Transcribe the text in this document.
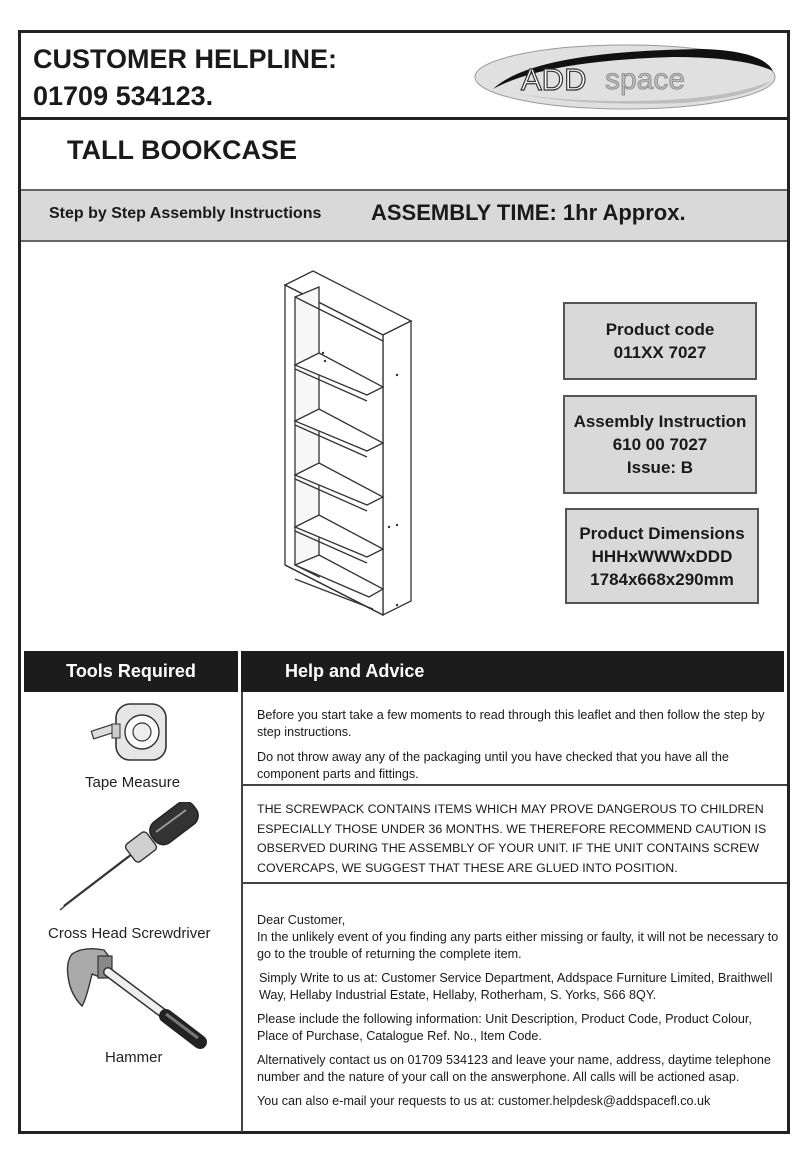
CUSTOMER HELPLINE:
01709 534123.	ADD space
TALL BOOKCASE
Step by Step Assembly Instructions ASSEMBLY TIME: 1hr Approx.
Product code
011XX 7027
Assembly Instruction
610 00 7027
Issue: B
Product Dimensions
HHHxWWWxDDD
1784x668x290mm
Tools Required	Help and Advice
Tape Measure
Cross Head Screwdriver
Hammer

Before you start take a few moments to read through this leaflet and then follow the step by step instructions.

Do not throw away any of the packaging until you have checked that you have all the component parts and fittings.

THE SCREWPACK CONTAINS ITEMS WHICH MAY PROVE DANGEROUS TO CHILDREN ESPECIALLY THOSE UNDER 36 MONTHS. WE THEREFORE RECOMMEND CAUTION IS OBSERVED DURING THE ASSEMBLY OF YOUR UNIT. IF THE UNIT CONTAINS SCREW COVERCAPS, WE SUGGEST THAT THESE ARE GLUED INTO POSITION.

Dear Customer,

In the unlikely event of you finding any parts either missing or faulty, it will not be necessary to go to the trouble of returning the complete item.

Simply Write to us at: Customer Service Department, Addspace Furniture Limited, Braithwell Way, Hellaby Industrial Estate, Hellaby, Rotherham, S. Yorks, S66 8QY.

Please include the following information: Unit Description, Product Code, Product Colour, Place of Purchase, Catalogue Ref. No., Item Code.

Alternatively contact us on 01709 534123 and leave your name, address, daytime telephone number and the nature of your call on the answerphone. All calls will be actioned asap.

You can also e-mail your requests to us at: customer.helpdesk@addspacefl.co.uk
